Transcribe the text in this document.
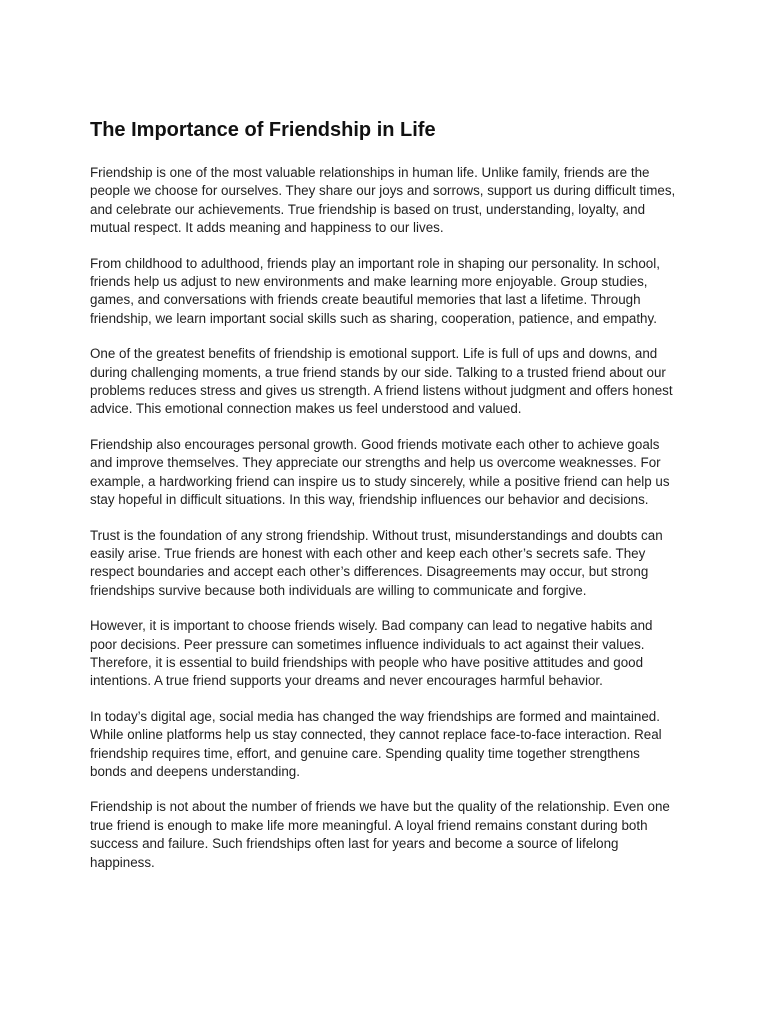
The Importance of Friendship in Life

Friendship is one of the most valuable relationships in human life. Unlike family, friends are the people we choose for ourselves. They share our joys and sorrows, support us during difficult times, and celebrate our achievements. True friendship is based on trust, understanding, loyalty, and mutual respect. It adds meaning and happiness to our lives.

From childhood to adulthood, friends play an important role in shaping our personality. In school, friends help us adjust to new environments and make learning more enjoyable. Group studies, games, and conversations with friends create beautiful memories that last a lifetime. Through friendship, we learn important social skills such as sharing, cooperation, patience, and empathy.

One of the greatest benefits of friendship is emotional support. Life is full of ups and downs, and during challenging moments, a true friend stands by our side. Talking to a trusted friend about our problems reduces stress and gives us strength. A friend listens without judgment and offers honest advice. This emotional connection makes us feel understood and valued.

Friendship also encourages personal growth. Good friends motivate each other to achieve goals and improve themselves. They appreciate our strengths and help us overcome weaknesses. For example, a hardworking friend can inspire us to study sincerely, while a positive friend can help us stay hopeful in difficult situations. In this way, friendship influences our behavior and decisions.

Trust is the foundation of any strong friendship. Without trust, misunderstandings and doubts can easily arise. True friends are honest with each other and keep each other’s secrets safe. They respect boundaries and accept each other’s differences. Disagreements may occur, but strong friendships survive because both individuals are willing to communicate and forgive.

However, it is important to choose friends wisely. Bad company can lead to negative habits and poor decisions. Peer pressure can sometimes influence individuals to act against their values. Therefore, it is essential to build friendships with people who have positive attitudes and good intentions. A true friend supports your dreams and never encourages harmful behavior.

In today’s digital age, social media has changed the way friendships are formed and maintained. While online platforms help us stay connected, they cannot replace face-to-face interaction. Real friendship requires time, effort, and genuine care. Spending quality time together strengthens bonds and deepens understanding.

Friendship is not about the number of friends we have but the quality of the relationship. Even one true friend is enough to make life more meaningful. A loyal friend remains constant during both success and failure. Such friendships often last for years and become a source of lifelong happiness.
